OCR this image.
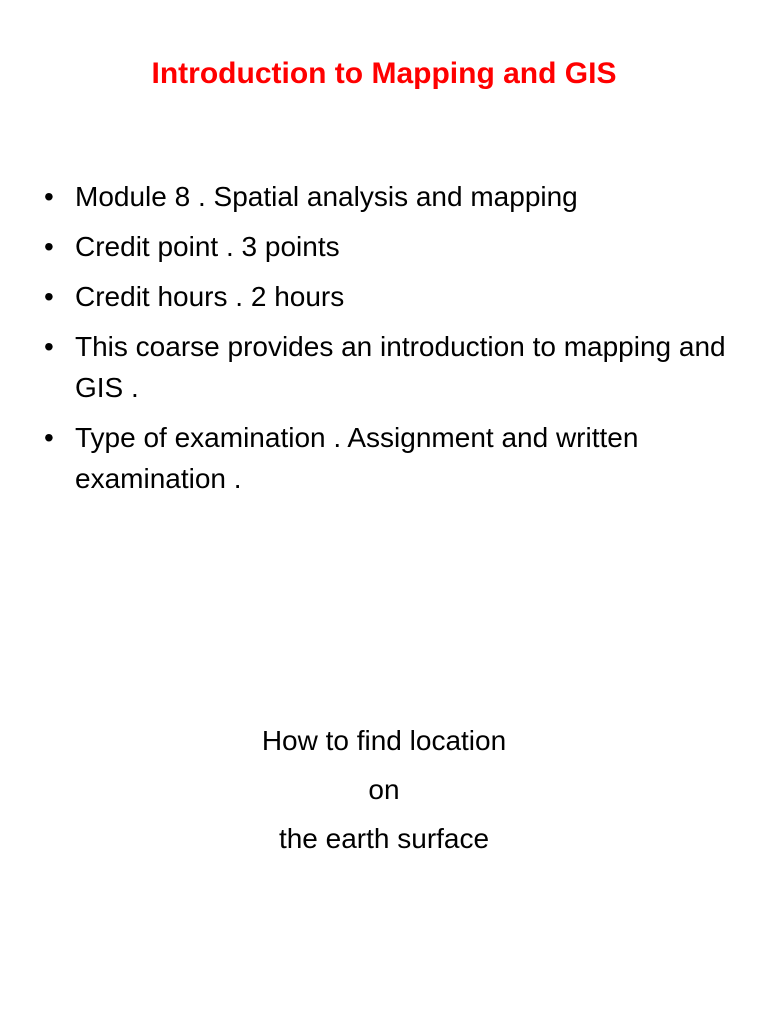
Introduction to Mapping and GIS
• Module 8 . Spatial analysis and mapping
• Credit point . 3 points
• Credit hours . 2 hours
• This coarse provides an introduction to mapping and GIS .
• Type of examination . Assignment and written examination .
How to find location
on
the earth surface
